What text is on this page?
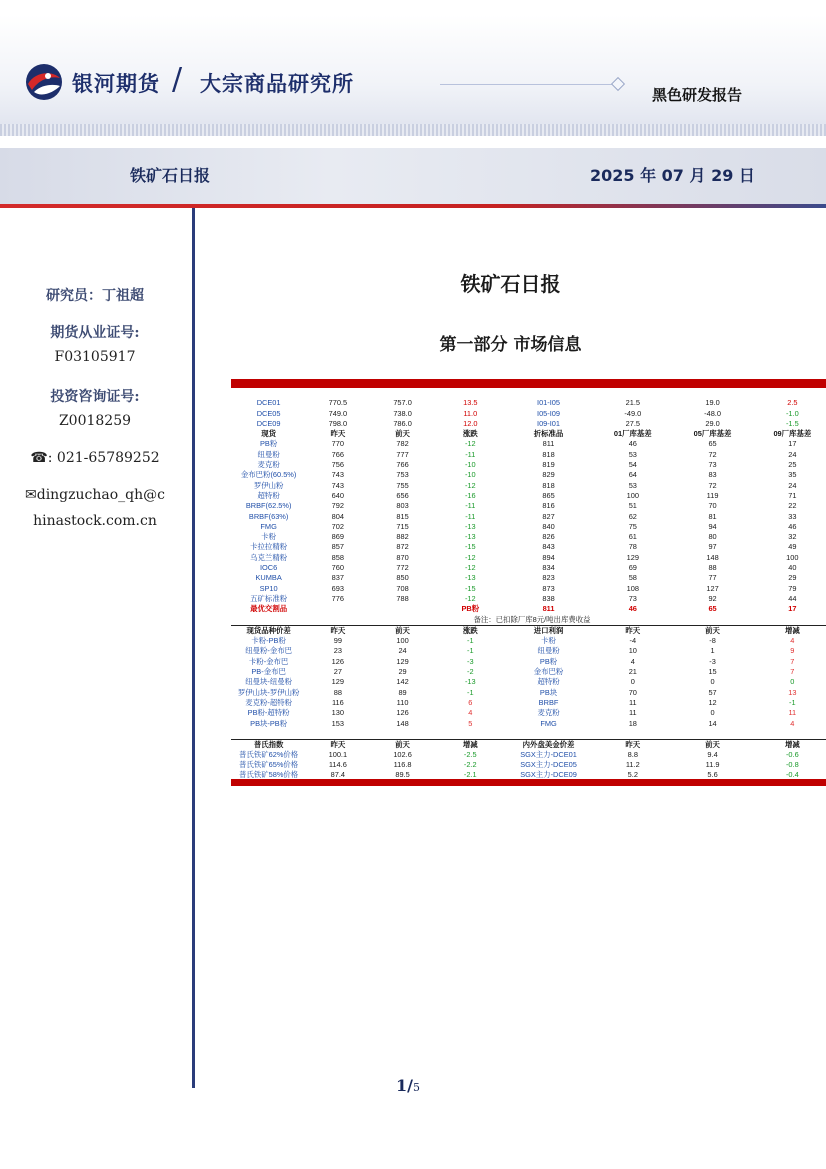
银河期货 / 大宗商品研究所	黑色研发报告
铁矿石日报	2025 年 07 月 29 日
研究员：丁祖超
期货从业证号:
F03105917
投资咨询证号:
Z0018259
☎: 021-65789252
✉dingzuchao_qh@c
hinastock.com.cn
铁矿石日报
第一部分 市场信息
	今日	昨日	涨跌		今日	昨日	涨跌
DCE01	770.5	757.0	13.5	I01-I05	21.5	19.0	2.5
DCE05	749.0	738.0	11.0	I05-I09	-49.0	-48.0	-1.0
DCE09	798.0	786.0	12.0	I09-I01	27.5	29.0	-1.5
现货	昨天	前天	涨跌	折标准品	01厂库基差	05厂库基差	09厂库基差
PB粉	770	782	-12	811	46	65	17
纽曼粉	766	777	-11	818	53	72	24
麦克粉	756	766	-10	819	54	73	25
金布巴粉(60.5%)	743	753	-10	829	64	83	35
罗伊山粉	743	755	-12	818	53	72	24
超特粉	640	656	-16	865	100	119	71
BRBF(62.5%)	792	803	-11	816	51	70	22
BRBF(63%)	804	815	-11	827	62	81	33
FMG	702	715	-13	840	75	94	46
卡粉	869	882	-13	826	61	80	32
卡拉拉精粉	857	872	-15	843	78	97	49
乌克兰精粉	858	870	-12	894	129	148	100
IOC6	760	772	-12	834	69	88	40
KUMBA	837	850	-13	823	58	77	29
SP10	693	708	-15	873	108	127	79
五矿标准粉	776	788	-12	838	73	92	44
最优交割品			PB粉	811	46	65	17
备注：已扣除厂库8元/吨出库费收益							
现货品种价差	昨天	前天	涨跌	进口利润	昨天	前天	增减
卡粉-PB粉	99	100	-1	卡粉	-4	-8	4
纽曼粉-金布巴	23	24	-1	纽曼粉	10	1	9
卡粉-金布巴	126	129	-3	PB粉	4	-3	7
PB-金布巴	27	29	-2	金布巴粉	21	15	7
纽曼块-纽曼粉	129	142	-13	超特粉	0	0	0
罗伊山块-罗伊山粉	88	89	-1	PB块	70	57	13
麦克粉-超特粉	116	110	6	BRBF	11	12	-1
PB粉-超特粉	130	126	4	麦克粉	11	0	11
PB块-PB粉	153	148	5	FMG	18	14	4

普氏指数	昨天	前天	增减	内外盘美金价差	昨天	前天	增减
普氏铁矿62%价格	100.1	102.6	-2.5	SGX主力-DCE01	8.8	9.4	-0.6
普氏铁矿65%价格	114.6	116.8	-2.2	SGX主力-DCE05	11.2	11.9	-0.8
普氏铁矿58%价格	87.4	89.5	-2.1	SGX主力-DCE09	5.2	5.6	-0.4
1/5
